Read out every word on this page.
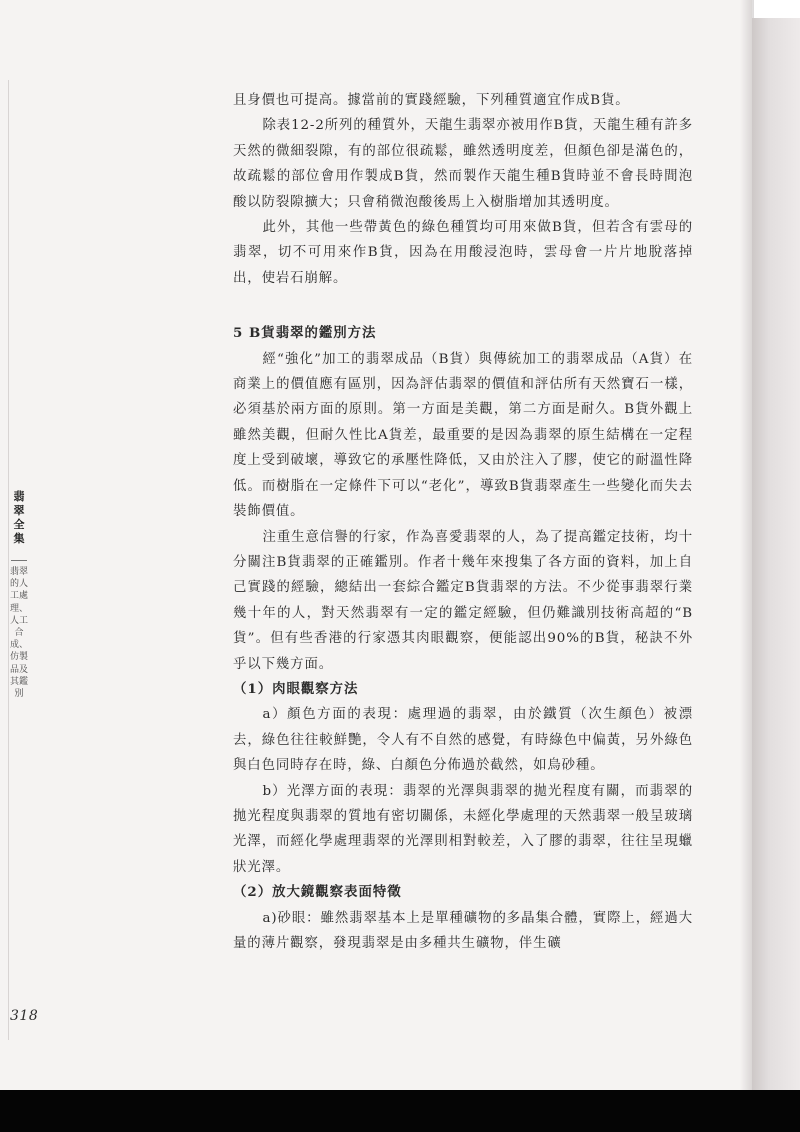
翡翠全集
翡翠的人工處理、人工合成、仿製品及其鑑別

且身價也可提高。據當前的實踐經驗，下列種質適宜作成B貨。

除表12-2所列的種質外，天龍生翡翠亦被用作B貨，天龍生種有許多天然的微細裂隙，有的部位很疏鬆，雖然透明度差，但顏色卻是滿色的，故疏鬆的部位會用作製成B貨，然而製作天龍生種B貨時並不會長時間泡酸以防裂隙擴大；只會稍微泡酸後馬上入樹脂增加其透明度。

此外，其他一些帶黃色的綠色種質均可用來做B貨，但若含有雲母的翡翠，切不可用來作B貨，因為在用酸浸泡時，雲母會一片片地脫落掉出，使岩石崩解。

5 B貨翡翠的鑑別方法

經“強化”加工的翡翠成品（B貨）與傳統加工的翡翠成品（A貨）在商業上的價值應有區別，因為評估翡翠的價值和評估所有天然寶石一樣，必須基於兩方面的原則。第一方面是美觀，第二方面是耐久。B貨外觀上雖然美觀，但耐久性比A貨差，最重要的是因為翡翠的原生結構在一定程度上受到破壞，導致它的承壓性降低，又由於注入了膠，使它的耐溫性降低。而樹脂在一定條件下可以“老化”，導致B貨翡翠產生一些變化而失去裝飾價值。

注重生意信譽的行家，作為喜愛翡翠的人，為了提高鑑定技術，均十分關注B貨翡翠的正確鑑別。作者十幾年來搜集了各方面的資料，加上自己實踐的經驗，總結出一套綜合鑑定B貨翡翠的方法。不少從事翡翠行業幾十年的人，對天然翡翠有一定的鑑定經驗，但仍難識別技術高超的“B貨”。但有些香港的行家憑其肉眼觀察，便能認出90%的B貨，秘訣不外乎以下幾方面。

（1）肉眼觀察方法

a）顏色方面的表現：處理過的翡翠，由於鐵質（次生顏色）被漂去，綠色往往較鮮艷，令人有不自然的感覺，有時綠色中偏黃，另外綠色與白色同時存在時，綠、白顏色分佈過於截然，如烏砂種。

b）光澤方面的表現：翡翠的光澤與翡翠的拋光程度有關，而翡翠的拋光程度與翡翠的質地有密切關係，未經化學處理的天然翡翠一般呈玻璃光澤，而經化學處理翡翠的光澤則相對較差，入了膠的翡翠，往往呈現蠟狀光澤。

（2）放大鏡觀察表面特徵

a)砂眼：雖然翡翠基本上是單種礦物的多晶集合體，實際上，經過大量的薄片觀察，發現翡翠是由多種共生礦物，伴生礦

318
